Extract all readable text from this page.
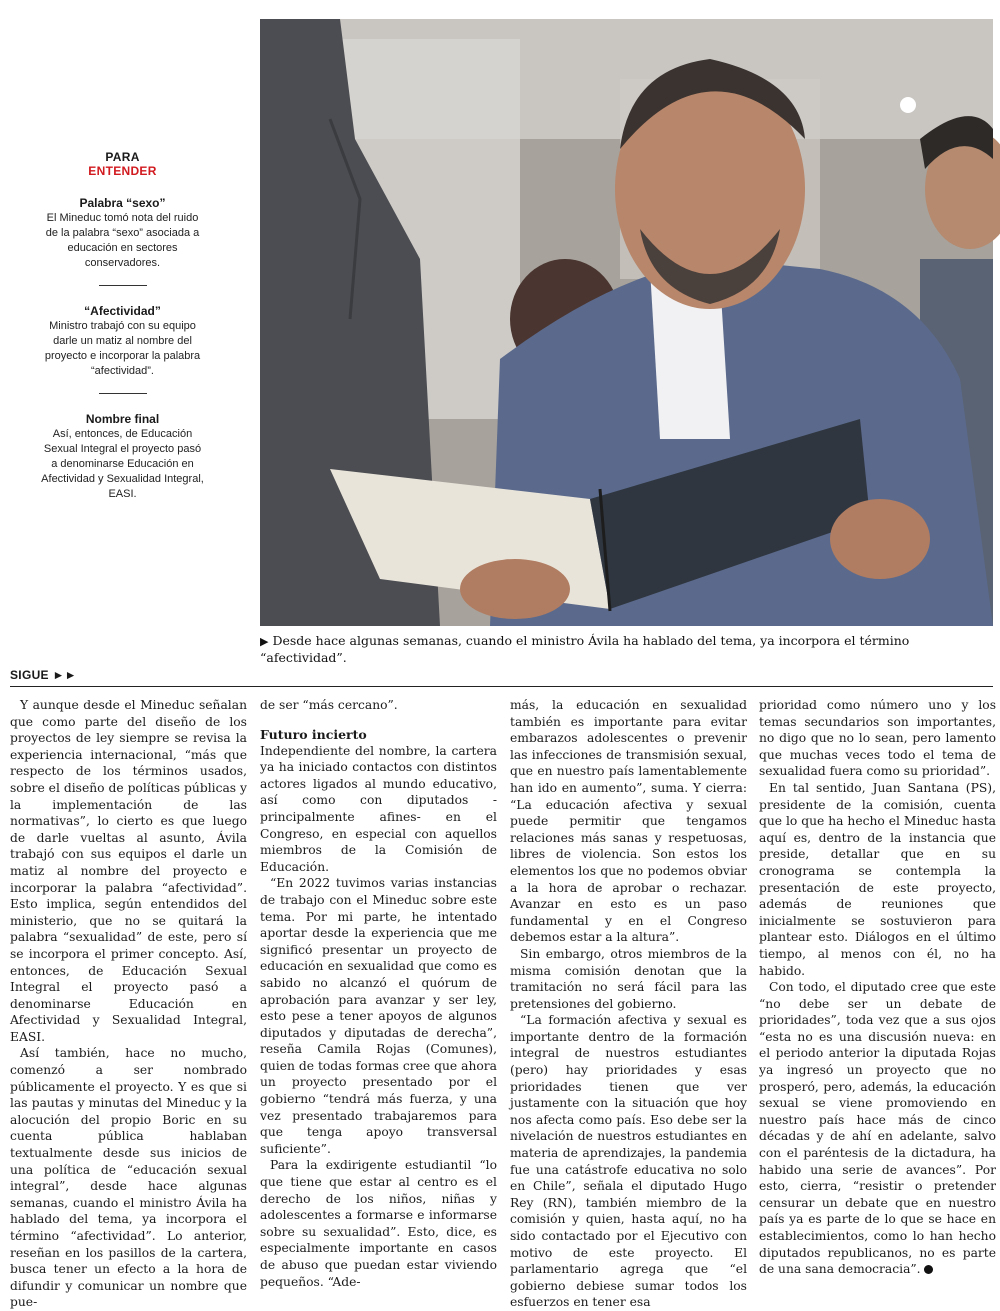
PARA
ENTENDER
Palabra “sexo”
El Mineduc tomó nota del ruido de la palabra “sexo” asociada a educación en sectores conservadores.
“Afectividad”
Ministro trabajó con su equipo darle un matiz al nombre del proyecto e incorporar la palabra “afectividad”.
Nombre final
Así, entonces, de Educación Sexual Integral el proyecto pasó a denominarse Educación en Afectividad y Sexualidad Integral, EASI.
▶ Desde hace algunas semanas, cuando el ministro Ávila ha hablado del tema, ya incorpora el término “afectividad”.
SIGUE ►►

Y aunque desde el Mineduc señalan que como parte del diseño de los proyectos de ley siempre se revisa la experiencia internacional, “más que respecto de los términos usados, sobre el diseño de políticas públicas y la implementación de las normativas”, lo cierto es que luego de darle vueltas al asunto, Ávila trabajó con sus equipos el darle un matiz al nombre del proyecto e incorporar la palabra “afectividad”. Esto implica, según entendidos del ministerio, que no se quitará la palabra “sexualidad” de este, pero sí se incorpora el primer concepto. Así, entonces, de Educación Sexual Integral el proyecto pasó a denominarse Educación en Afectividad y Sexualidad Integral, EASI.

Así también, hace no mucho, comenzó a ser nombrado públicamente el proyecto. Y es que si las pautas y minutas del Mineduc y la alocución del propio Boric en su cuenta pública hablaban textualmente desde sus inicios de una política de “educación sexual integral”, desde hace algunas semanas, cuando el ministro Ávila ha hablado del tema, ya incorpora el término “afectividad”. Lo anterior, reseñan en los pasillos de la cartera, busca tener un efecto a la hora de difundir y comunicar un nombre que pue-

de ser “más cercano”.

Futuro incierto

Independiente del nombre, la cartera ya ha iniciado contactos con distintos actores ligados al mundo educativo, así como con diputados -principalmente afines- en el Congreso, en especial con aquellos miembros de la Comisión de Educación.

“En 2022 tuvimos varias instancias de trabajo con el Mineduc sobre este tema. Por mi parte, he intentado aportar desde la experiencia que me significó presentar un proyecto de educación en sexualidad que como es sabido no alcanzó el quórum de aprobación para avanzar y ser ley, esto pese a tener apoyos de algunos diputados y diputadas de derecha”, reseña Camila Rojas (Comunes), quien de todas formas cree que ahora un proyecto presentado por el gobierno “tendrá más fuerza, y una vez presentado trabajaremos para que tenga apoyo transversal suficiente”.

Para la exdirigente estudiantil “lo que tiene que estar al centro es el derecho de los niños, niñas y adolescentes a formarse e informarse sobre su sexualidad”. Esto, dice, es especialmente importante en casos de abuso que puedan estar viviendo pequeños. “Ade-

más, la educación en sexualidad también es importante para evitar embarazos adolescentes o prevenir las infecciones de transmisión sexual, que en nuestro país lamentablemente han ido en aumento”, suma. Y cierra: “La educación afectiva y sexual puede permitir que tengamos relaciones más sanas y respetuosas, libres de violencia. Son estos los elementos los que no podemos obviar a la hora de aprobar o rechazar. Avanzar en esto es un paso fundamental y en el Congreso debemos estar a la altura”.

Sin embargo, otros miembros de la misma comisión denotan que la tramitación no será fácil para las pretensiones del gobierno.

“La formación afectiva y sexual es importante dentro de la formación integral de nuestros estudiantes (pero) hay prioridades y esas prioridades tienen que ver justamente con la situación que hoy nos afecta como país. Eso debe ser la nivelación de nuestros estudiantes en materia de aprendizajes, la pandemia fue una catástrofe educativa no solo en Chile”, señala el diputado Hugo Rey (RN), también miembro de la comisión y quien, hasta aquí, no ha sido contactado por el Ejecutivo con motivo de este proyecto. El parlamentario agrega que “el gobierno debiese sumar todos los esfuerzos en tener esa

prioridad como número uno y los temas secundarios son importantes, no digo que no lo sean, pero lamento que muchas veces todo el tema de sexualidad fuera como su prioridad”.

En tal sentido, Juan Santana (PS), presidente de la comisión, cuenta que lo que ha hecho el Mineduc hasta aquí es, dentro de la instancia que preside, detallar que en su cronograma se contempla la presentación de este proyecto, además de reuniones que inicialmente se sostuvieron para plantear esto. Diálogos en el último tiempo, al menos con él, no ha habido.

Con todo, el diputado cree que este “no debe ser un debate de prioridades”, toda vez que a sus ojos “esta no es una discusión nueva: en el periodo anterior la diputada Rojas ya ingresó un proyecto que no prosperó, pero, además, la educación sexual se viene promoviendo en nuestro país hace más de cinco décadas y de ahí en adelante, salvo con el paréntesis de la dictadura, ha habido una serie de avances”. Por esto, cierra, “resistir o pretender censurar un debate que en nuestro país ya es parte de lo que se hace en establecimientos, como lo han hecho diputados republicanos, no es parte de una sana democracia”.
